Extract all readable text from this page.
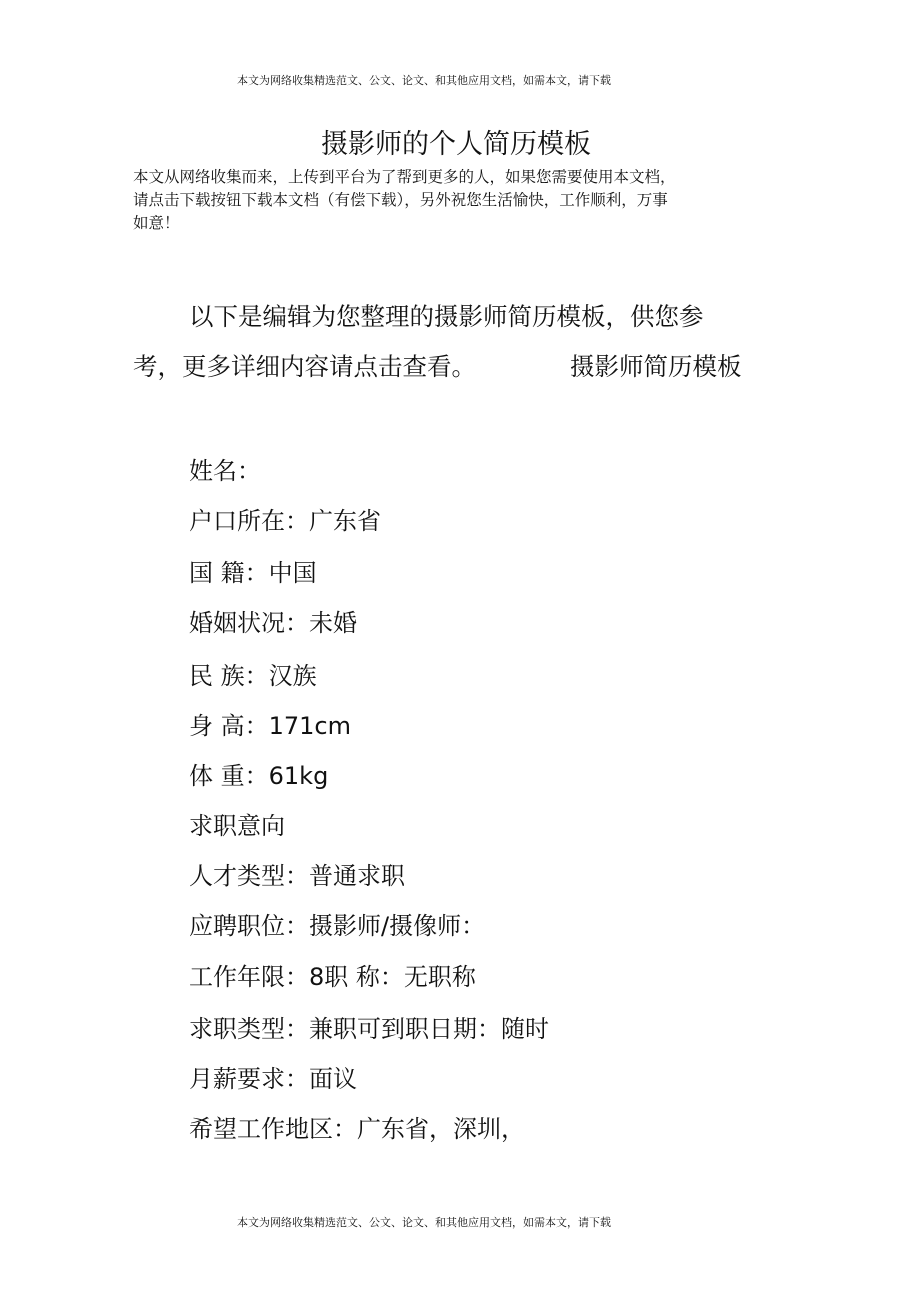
本文为网络收集精选范文、公文、论文、和其他应用文档，如需本文，请下载
摄影师的个人简历模板
本文从网络收集而来，上传到平台为了帮到更多的人，如果您需要使用本文档，
请点击下载按钮下载本文档（有偿下载），另外祝您生活愉快，工作顺利，万事
如意！
以下是编辑为您整理的摄影师简历模板，供您参
考，更多详细内容请点击查看。	摄影师简历模板
姓名：
户口所在：广东省
国 籍：中国
婚姻状况：未婚
民 族：汉族
身 高：171cm
体 重：61kg
求职意向
人才类型：普通求职
应聘职位：摄影师/摄像师：
工作年限：8职 称：无职称
求职类型：兼职可到职日期：随时
月薪要求：面议
希望工作地区：广东省，深圳，
本文为网络收集精选范文、公文、论文、和其他应用文档，如需本文，请下载
